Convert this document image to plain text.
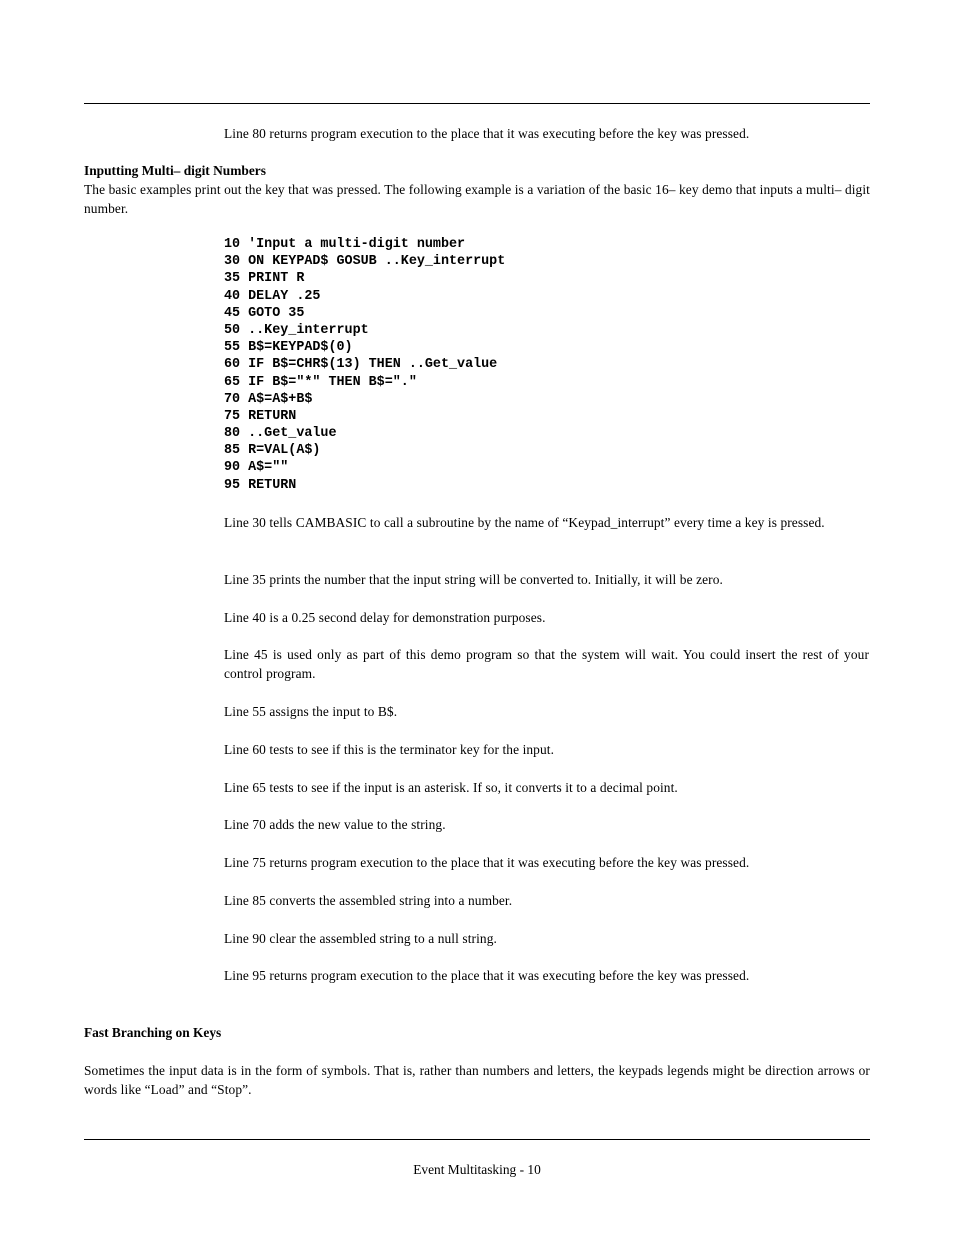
Line 80 returns program execution to the place that it was executing before the key was pressed.

Inputting Multi– digit Numbers

The basic examples print out the key that was pressed. The following example is a variation of the basic 16– key demo that inputs a multi– digit number.

10 'Input a multi-digit number
30 ON KEYPAD$ GOSUB ..Key_interrupt
35 PRINT R
40 DELAY .25
45 GOTO 35
50 ..Key_interrupt
55 B$=KEYPAD$(0)
60 IF B$=CHR$(13) THEN ..Get_value
65 IF B$="*" THEN B$="."
70 A$=A$+B$
75 RETURN
80 ..Get_value
85 R=VAL(A$)
90 A$=""
95 RETURN

Line 30 tells CAMBASIC to call a subroutine by the name of “Keypad_interrupt” every time a key is pressed.

Line 35 prints the number that the input string will be converted to. Initially, it will be zero.

Line 40 is a 0.25 second delay for demonstration purposes.

Line 45 is used only as part of this demo program so that the system will wait. You could insert the rest of your control program.

Line 55 assigns the input to B$.

Line 60 tests to see if this is the terminator key for the input.

Line 65 tests to see if the input is an asterisk. If so, it converts it to a decimal point.

Line 70 adds the new value to the string.

Line 75 returns program execution to the place that it was executing before the key was pressed.

Line 85 converts the assembled string into a number.

Line 90 clear the assembled string to a null string.

Line 95 returns program execution to the place that it was executing before the key was pressed.

Fast Branching on Keys

Sometimes the input data is in the form of symbols. That is, rather than numbers and letters, the keypads legends might be direction arrows or words like “Load” and “Stop”.

Event Multitasking - 10
